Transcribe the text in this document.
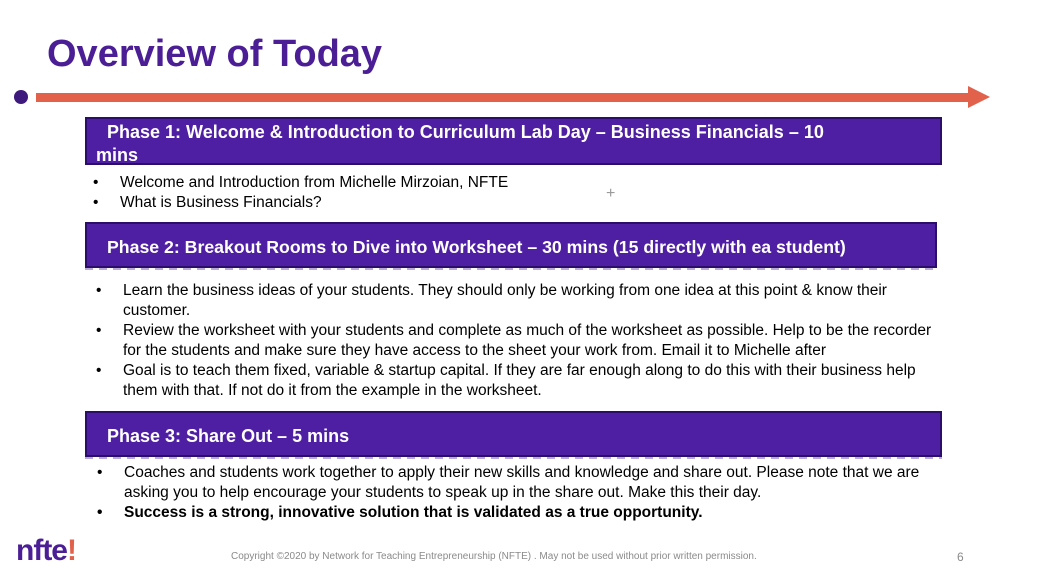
Overview of Today
Phase 1: Welcome & Introduction to Curriculum Lab Day – Business Financials – 10
mins
• Welcome and Introduction from Michelle Mirzoian, NFTE
• What is Business Financials?
+
Phase 2: Breakout Rooms to Dive into Worksheet – 30 mins (15 directly with ea student)
• Learn the business ideas of your students. They should only be working from one idea at this point & know their customer.
• Review the worksheet with your students and complete as much of the worksheet as possible. Help to be the recorder for the students and make sure they have access to the sheet your work from. Email it to Michelle after
• Goal is to teach them fixed, variable & startup capital. If they are far enough along to do this with their business help them with that. If not do it from the example in the worksheet.
Phase 3: Share Out – 5 mins
• Coaches and students work together to apply their new skills and knowledge and share out. Please note that we are asking you to help encourage your students to speak up in the share out. Make this their day.
• Success is a strong, innovative solution that is validated as a true opportunity.
nfte!	Copyright ©2020 by Network for Teaching Entrepreneurship (NFTE) . May not be used without prior written permission.	6
